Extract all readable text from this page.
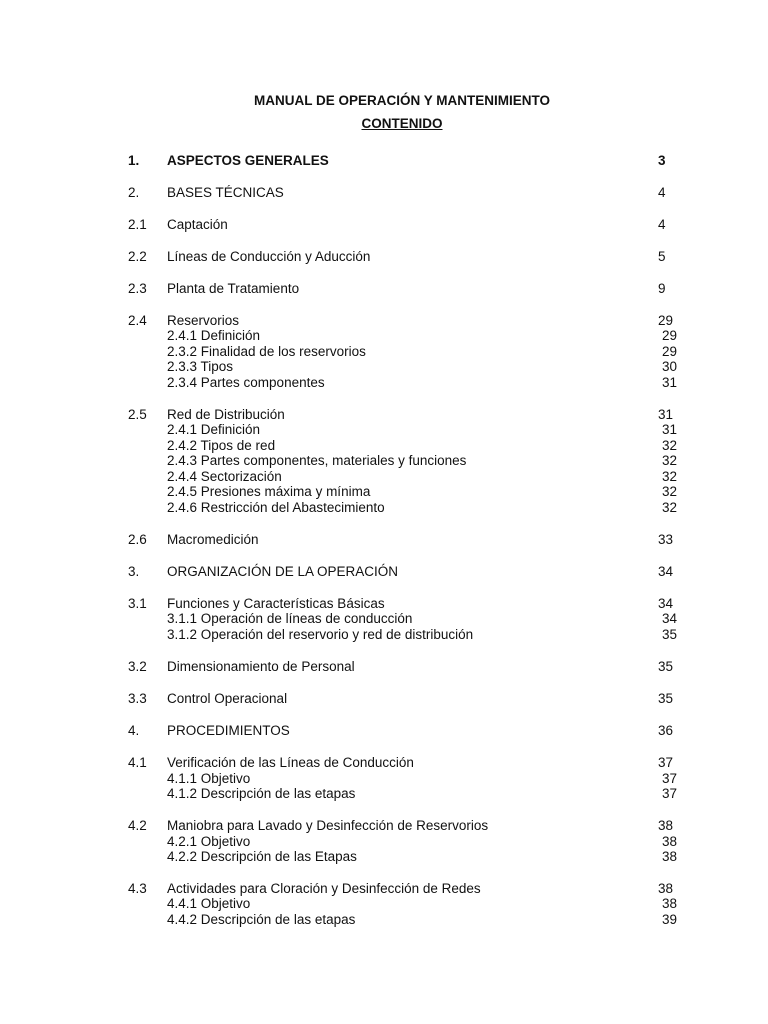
MANUAL DE OPERACIÓN Y MANTENIMIENTO
CONTENIDO
1. ASPECTOS GENERALES	3
2. BASES TÉCNICAS	4
2.1 Captación	4
2.2 Líneas de Conducción y Aducción	5
2.3 Planta de Tratamiento	9
2.4 Reservorios	29
2.4.1 Definición	29
2.3.2 Finalidad de los reservorios	29
2.3.3 Tipos	30
2.3.4 Partes componentes	31
2.5 Red de Distribución	31
2.4.1 Definición	31
2.4.2 Tipos de red	32
2.4.3 Partes componentes, materiales y funciones	32
2.4.4 Sectorización	32
2.4.5 Presiones máxima y mínima	32
2.4.6 Restricción del Abastecimiento	32
2.6 Macromedición	33
3. ORGANIZACIÓN DE LA OPERACIÓN	34
3.1 Funciones y Características Básicas	34
3.1.1 Operación de líneas de conducción	34
3.1.2 Operación del reservorio y red de distribución	35
3.2 Dimensionamiento de Personal	35
3.3 Control Operacional	35
4. PROCEDIMIENTOS	36
4.1 Verificación de las Líneas de Conducción	37
4.1.1 Objetivo	37
4.1.2 Descripción de las etapas	37
4.2 Maniobra para Lavado y Desinfección de Reservorios	38
4.2.1 Objetivo	38
4.2.2 Descripción de las Etapas	38
4.3 Actividades para Cloración y Desinfección de Redes	38
4.4.1 Objetivo	38
4.4.2 Descripción de las etapas	39
